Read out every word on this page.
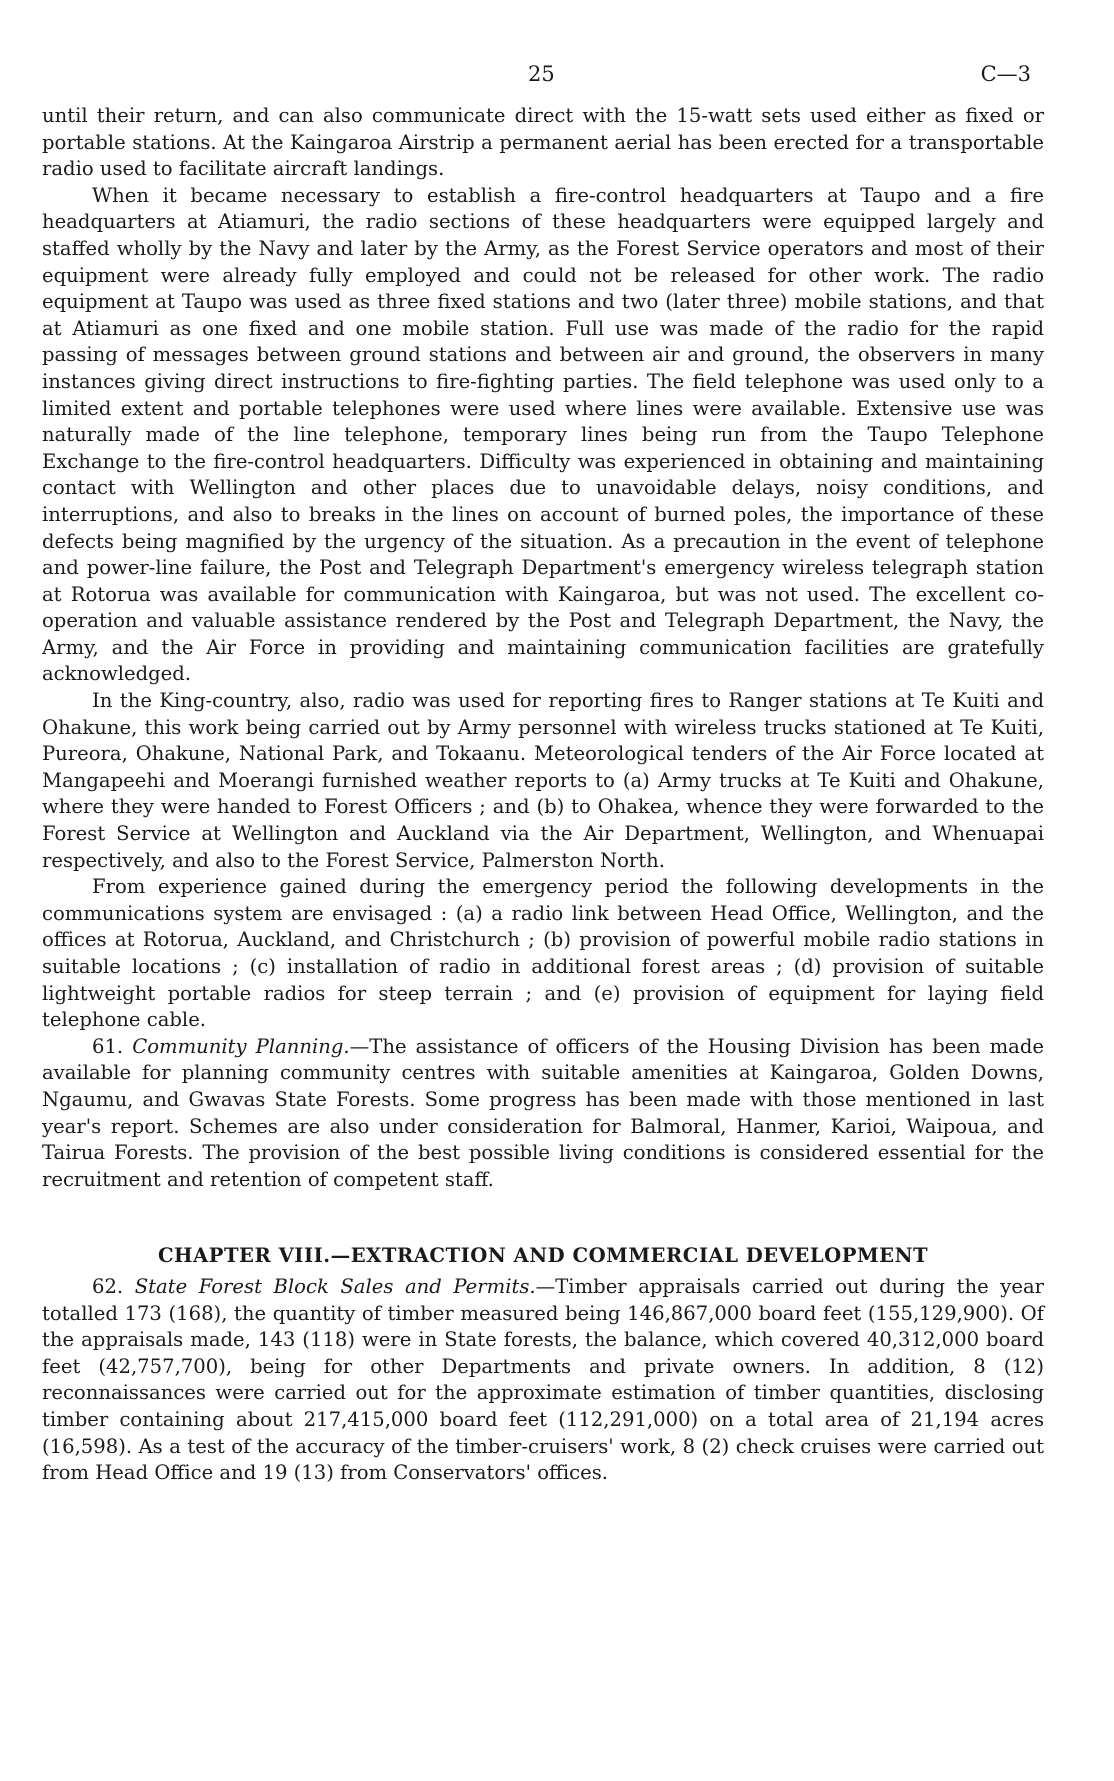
25	C—3

until their return, and can also communicate direct with the 15-watt sets used either as fixed or portable stations. At the Kaingaroa Airstrip a permanent aerial has been erected for a transportable radio used to facilitate aircraft landings.

When it became necessary to establish a fire-control headquarters at Taupo and a fire headquarters at Atiamuri, the radio sections of these headquarters were equipped largely and staffed wholly by the Navy and later by the Army, as the Forest Service operators and most of their equipment were already fully employed and could not be released for other work. The radio equipment at Taupo was used as three fixed stations and two (later three) mobile stations, and that at Atiamuri as one fixed and one mobile station. Full use was made of the radio for the rapid passing of messages between ground stations and between air and ground, the observers in many instances giving direct instructions to fire-fighting parties. The field telephone was used only to a limited extent and portable telephones were used where lines were available. Extensive use was naturally made of the line telephone, temporary lines being run from the Taupo Telephone Exchange to the fire-control headquarters. Difficulty was experienced in obtaining and maintaining contact with Wellington and other places due to unavoidable delays, noisy conditions, and interruptions, and also to breaks in the lines on account of burned poles, the importance of these defects being magnified by the urgency of the situation. As a precaution in the event of telephone and power-line failure, the Post and Telegraph Department's emergency wireless telegraph station at Rotorua was available for communication with Kaingaroa, but was not used. The excellent co-operation and valuable assistance rendered by the Post and Telegraph Department, the Navy, the Army, and the Air Force in providing and maintaining communication facilities are gratefully acknowledged.

In the King-country, also, radio was used for reporting fires to Ranger stations at Te Kuiti and Ohakune, this work being carried out by Army personnel with wireless trucks stationed at Te Kuiti, Pureora, Ohakune, National Park, and Tokaanu. Meteorological tenders of the Air Force located at Mangapeehi and Moerangi furnished weather reports to (a) Army trucks at Te Kuiti and Ohakune, where they were handed to Forest Officers ; and (b) to Ohakea, whence they were forwarded to the Forest Service at Wellington and Auckland via the Air Department, Wellington, and Whenuapai respectively, and also to the Forest Service, Palmerston North.

From experience gained during the emergency period the following developments in the communications system are envisaged : (a) a radio link between Head Office, Wellington, and the offices at Rotorua, Auckland, and Christchurch ; (b) provision of powerful mobile radio stations in suitable locations ; (c) installation of radio in additional forest areas ; (d) provision of suitable lightweight portable radios for steep terrain ; and (e) provision of equipment for laying field telephone cable.

61. Community Planning.—The assistance of officers of the Housing Division has been made available for planning community centres with suitable amenities at Kaingaroa, Golden Downs, Ngaumu, and Gwavas State Forests. Some progress has been made with those mentioned in last year's report. Schemes are also under consideration for Balmoral, Hanmer, Karioi, Waipoua, and Tairua Forests. The provision of the best possible living conditions is considered essential for the recruitment and retention of competent staff.

CHAPTER VIII.—EXTRACTION AND COMMERCIAL DEVELOPMENT

62. State Forest Block Sales and Permits.—Timber appraisals carried out during the year totalled 173 (168), the quantity of timber measured being 146,867,000 board feet (155,129,900). Of the appraisals made, 143 (118) were in State forests, the balance, which covered 40,312,000 board feet (42,757,700), being for other Departments and private owners. In addition, 8 (12) reconnaissances were carried out for the approximate estimation of timber quantities, disclosing timber containing about 217,415,000 board feet (112,291,000) on a total area of 21,194 acres (16,598). As a test of the accuracy of the timber-cruisers' work, 8 (2) check cruises were carried out from Head Office and 19 (13) from Conservators' offices.
